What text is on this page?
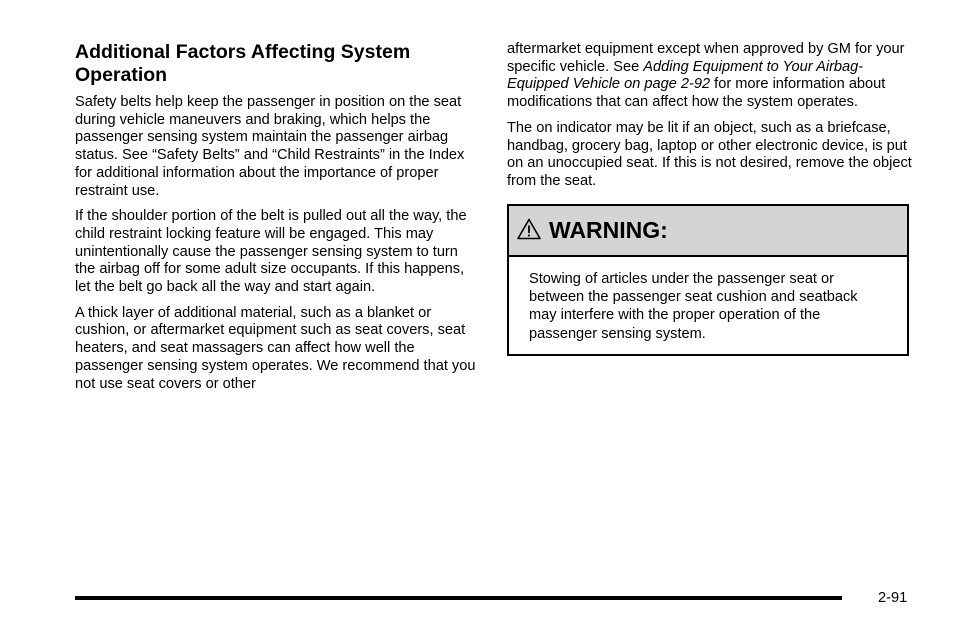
Additional Factors Affecting System Operation

Safety belts help keep the passenger in position on the seat during vehicle maneuvers and braking, which helps the passenger sensing system maintain the passenger airbag status. See “Safety Belts” and “Child Restraints” in the Index for additional information about the importance of proper restraint use.

If the shoulder portion of the belt is pulled out all the way, the child restraint locking feature will be engaged. This may unintentionally cause the passenger sensing system to turn the airbag off for some adult size occupants. If this happens, let the belt go back all the way and start again.

A thick layer of additional material, such as a blanket or cushion, or aftermarket equipment such as seat covers, seat heaters, and seat massagers can affect how well the passenger sensing system operates. We recommend that you not use seat covers or other

aftermarket equipment except when approved by GM for your specific vehicle. See Adding Equipment to Your Airbag-Equipped Vehicle on page 2-92 for more information about modifications that can affect how the system operates.

The on indicator may be lit if an object, such as a briefcase, handbag, grocery bag, laptop or other electronic device, is put on an unoccupied seat. If this is not desired, remove the object from the seat.

WARNING:

Stowing of articles under the passenger seat or between the passenger seat cushion and seatback may interfere with the proper operation of the passenger sensing system.

2-91
